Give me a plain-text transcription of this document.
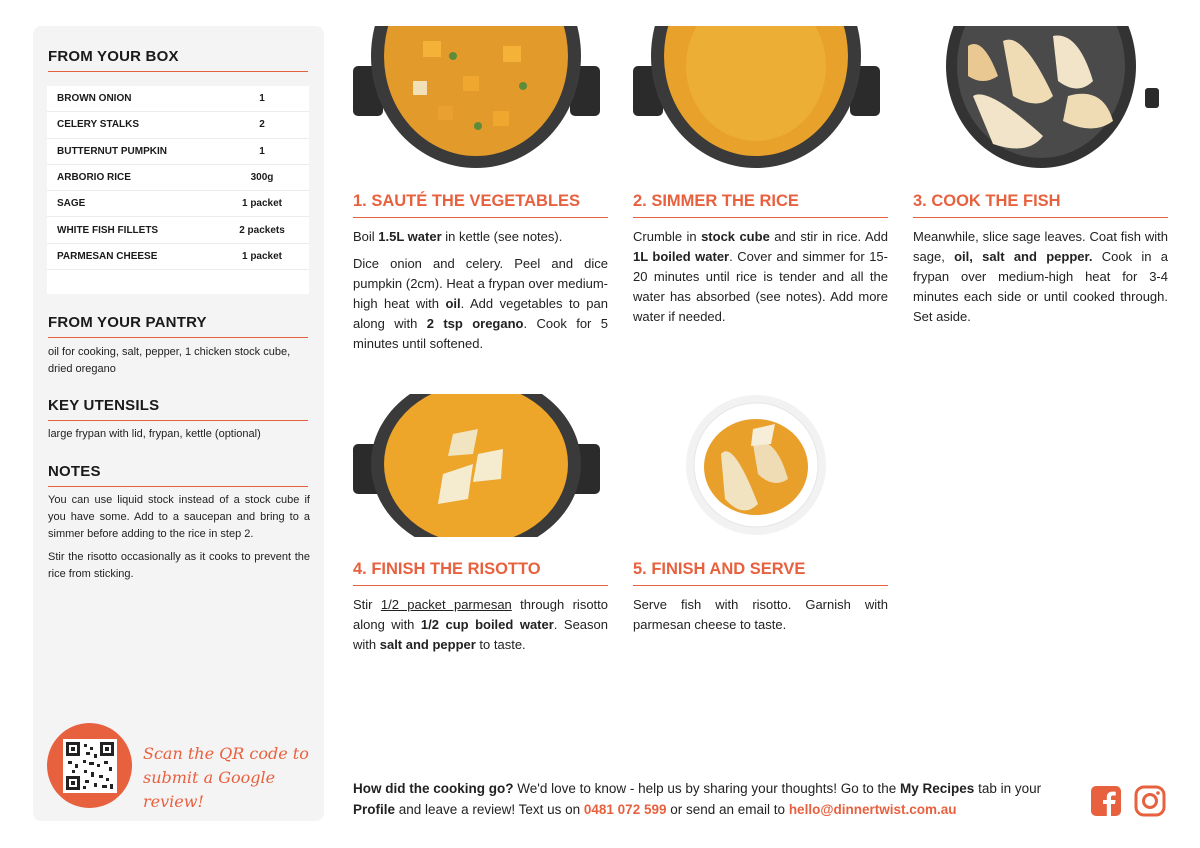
FROM YOUR BOX
BROWN ONION	1
CELERY STALKS	2
BUTTERNUT PUMPKIN	1
ARBORIO RICE	300g
SAGE	1 packet
WHITE FISH FILLETS	2 packets
PARMESAN CHEESE	1 packet
FROM YOUR PANTRY
oil for cooking, salt, pepper, 1 chicken stock cube, dried oregano
KEY UTENSILS
large frypan with lid, frypan, kettle (optional)
NOTES

You can use liquid stock instead of a stock cube if you have some. Add to a saucepan and bring to a simmer before adding to the rice in step 2.

Stir the risotto occasionally as it cooks to prevent the rice from sticking.

Scan the QR code to
submit a Google review!
1. SAUTÉ THE VEGETABLES

Boil 1.5L water in kettle (see notes).

Dice onion and celery. Peel and dice pumpkin (2cm). Heat a frypan over medium-high heat with oil. Add vegetables to pan along with 2 tsp oregano. Cook for 5 minutes until softened.

2. SIMMER THE RICE

Crumble in stock cube and stir in rice. Add 1L boiled water. Cover and simmer for 15-20 minutes until rice is tender and all the water has absorbed (see notes). Add more water if needed.

3. COOK THE FISH

Meanwhile, slice sage leaves. Coat fish with sage, oil, salt and pepper. Cook in a frypan over medium-high heat for 3-4 minutes each side or until cooked through. Set aside.

4. FINISH THE RISOTTO

Stir 1/2 packet parmesan through risotto along with 1/2 cup boiled water. Season with salt and pepper to taste.

5. FINISH AND SERVE

Serve fish with risotto. Garnish with parmesan cheese to taste.

How did the cooking go? We'd love to know - help us by sharing your thoughts! Go to the My Recipes tab in your Profile and leave a review! Text us on 0481 072 599 or send an email to hello@dinnertwist.com.au
